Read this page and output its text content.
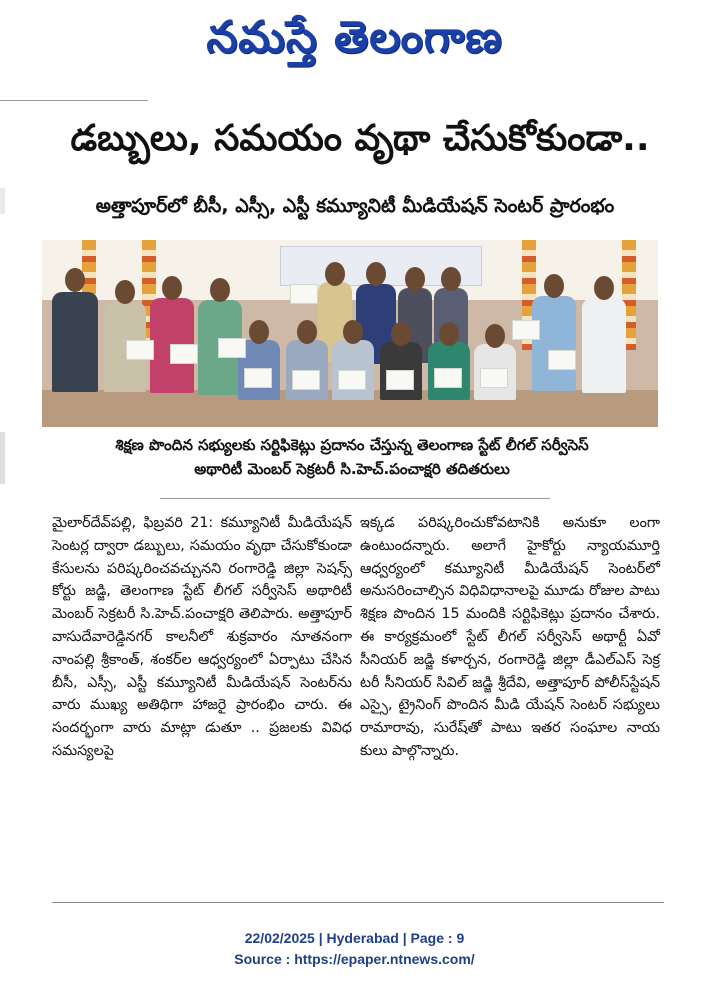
నమస్తే తెలంగాణ
డబ్బులు, సమయం వృథా చేసుకోకుండా..
అత్తాపూర్‌లో బీసీ, ఎస్సీ, ఎస్టీ కమ్యూనిటీ మీడియేషన్ సెంటర్ ప్రారంభం
శిక్షణ పొందిన సభ్యులకు సర్టిఫికెట్లు ప్రదానం చేస్తున్న తెలంగాణ స్టేట్ లీగల్ సర్వీసెస్
అథారిటీ మెంబర్ సెక్రటరీ సి.హెచ్.పంచాక్షరి తదితరులు
మైలార్‌దేవ్‌పల్లి, ఫిబ్రవరి 21: కమ్యూనిటీ మీడియేషన్ సెంటర్ల ద్వారా డబ్బులు, సమయం వృథా చేసుకోకుండా కేసులను పరిష్కరించవచ్చునని రంగారెడ్డి జిల్లా సెషన్స్ కోర్టు జడ్జి, తెలంగాణ స్టేట్ లీగల్ సర్వీసెస్ అథారిటీ మెంబర్ సెక్రటరీ సి.హెచ్.పంచాక్షరి తెలిపారు. అత్తాపూర్ వాసుదేవారెడ్డినగర్ కాలనీలో శుక్రవారం నూతనంగా నాంపల్లి శ్రీకాంత్, శంకర్‌ల ఆధ్వర్యంలో ఏర్పాటు చేసిన బీసీ, ఎస్సీ, ఎస్టీ కమ్యూనిటీ మీడియేషన్ సెంటర్‌ను వారు ముఖ్య అతిథిగా హాజరై ప్రారంభిం చారు. ఈ సందర్భంగా వారు మాట్లా డుతూ .. ప్రజలకు వివిధ సమస్యలపై
ఇక్కడ పరిష్కరించుకోవటానికి అనుకూ లంగా ఉంటుందన్నారు. అలాగే హైకోర్టు న్యాయమూర్తి ఆధ్వర్యంలో కమ్యూనిటీ మీడియేషన్ సెంటర్‌లో అనుసరించాల్సిన విధివిధానాలపై మూడు రోజుల పాటు శిక్షణ పొందిన 15 మందికి సర్టిఫికెట్లు ప్రదానం చేశారు. ఈ కార్యక్రమంలో స్టేట్ లీగల్ సర్వీసెస్ అథార్టీ ఏవో సీనియర్ జడ్జి కళార్చన, రంగారెడ్డి జిల్లా డీఎల్ఎస్ సెక్ర టరీ సీనియర్ సివిల్ జడ్జి శ్రీదేవి, అత్తాపూర్ పోలీస్‌స్టేషన్ ఎస్సై, ట్రైనింగ్ పొందిన మీడి యేషన్ సెంటర్ సభ్యులు రామారావు, సురేష్‌తో పాటు ఇతర సంఘాల నాయ కులు పాల్గొన్నారు.
22/02/2025 | Hyderabad | Page : 9
Source : https://epaper.ntnews.com/
